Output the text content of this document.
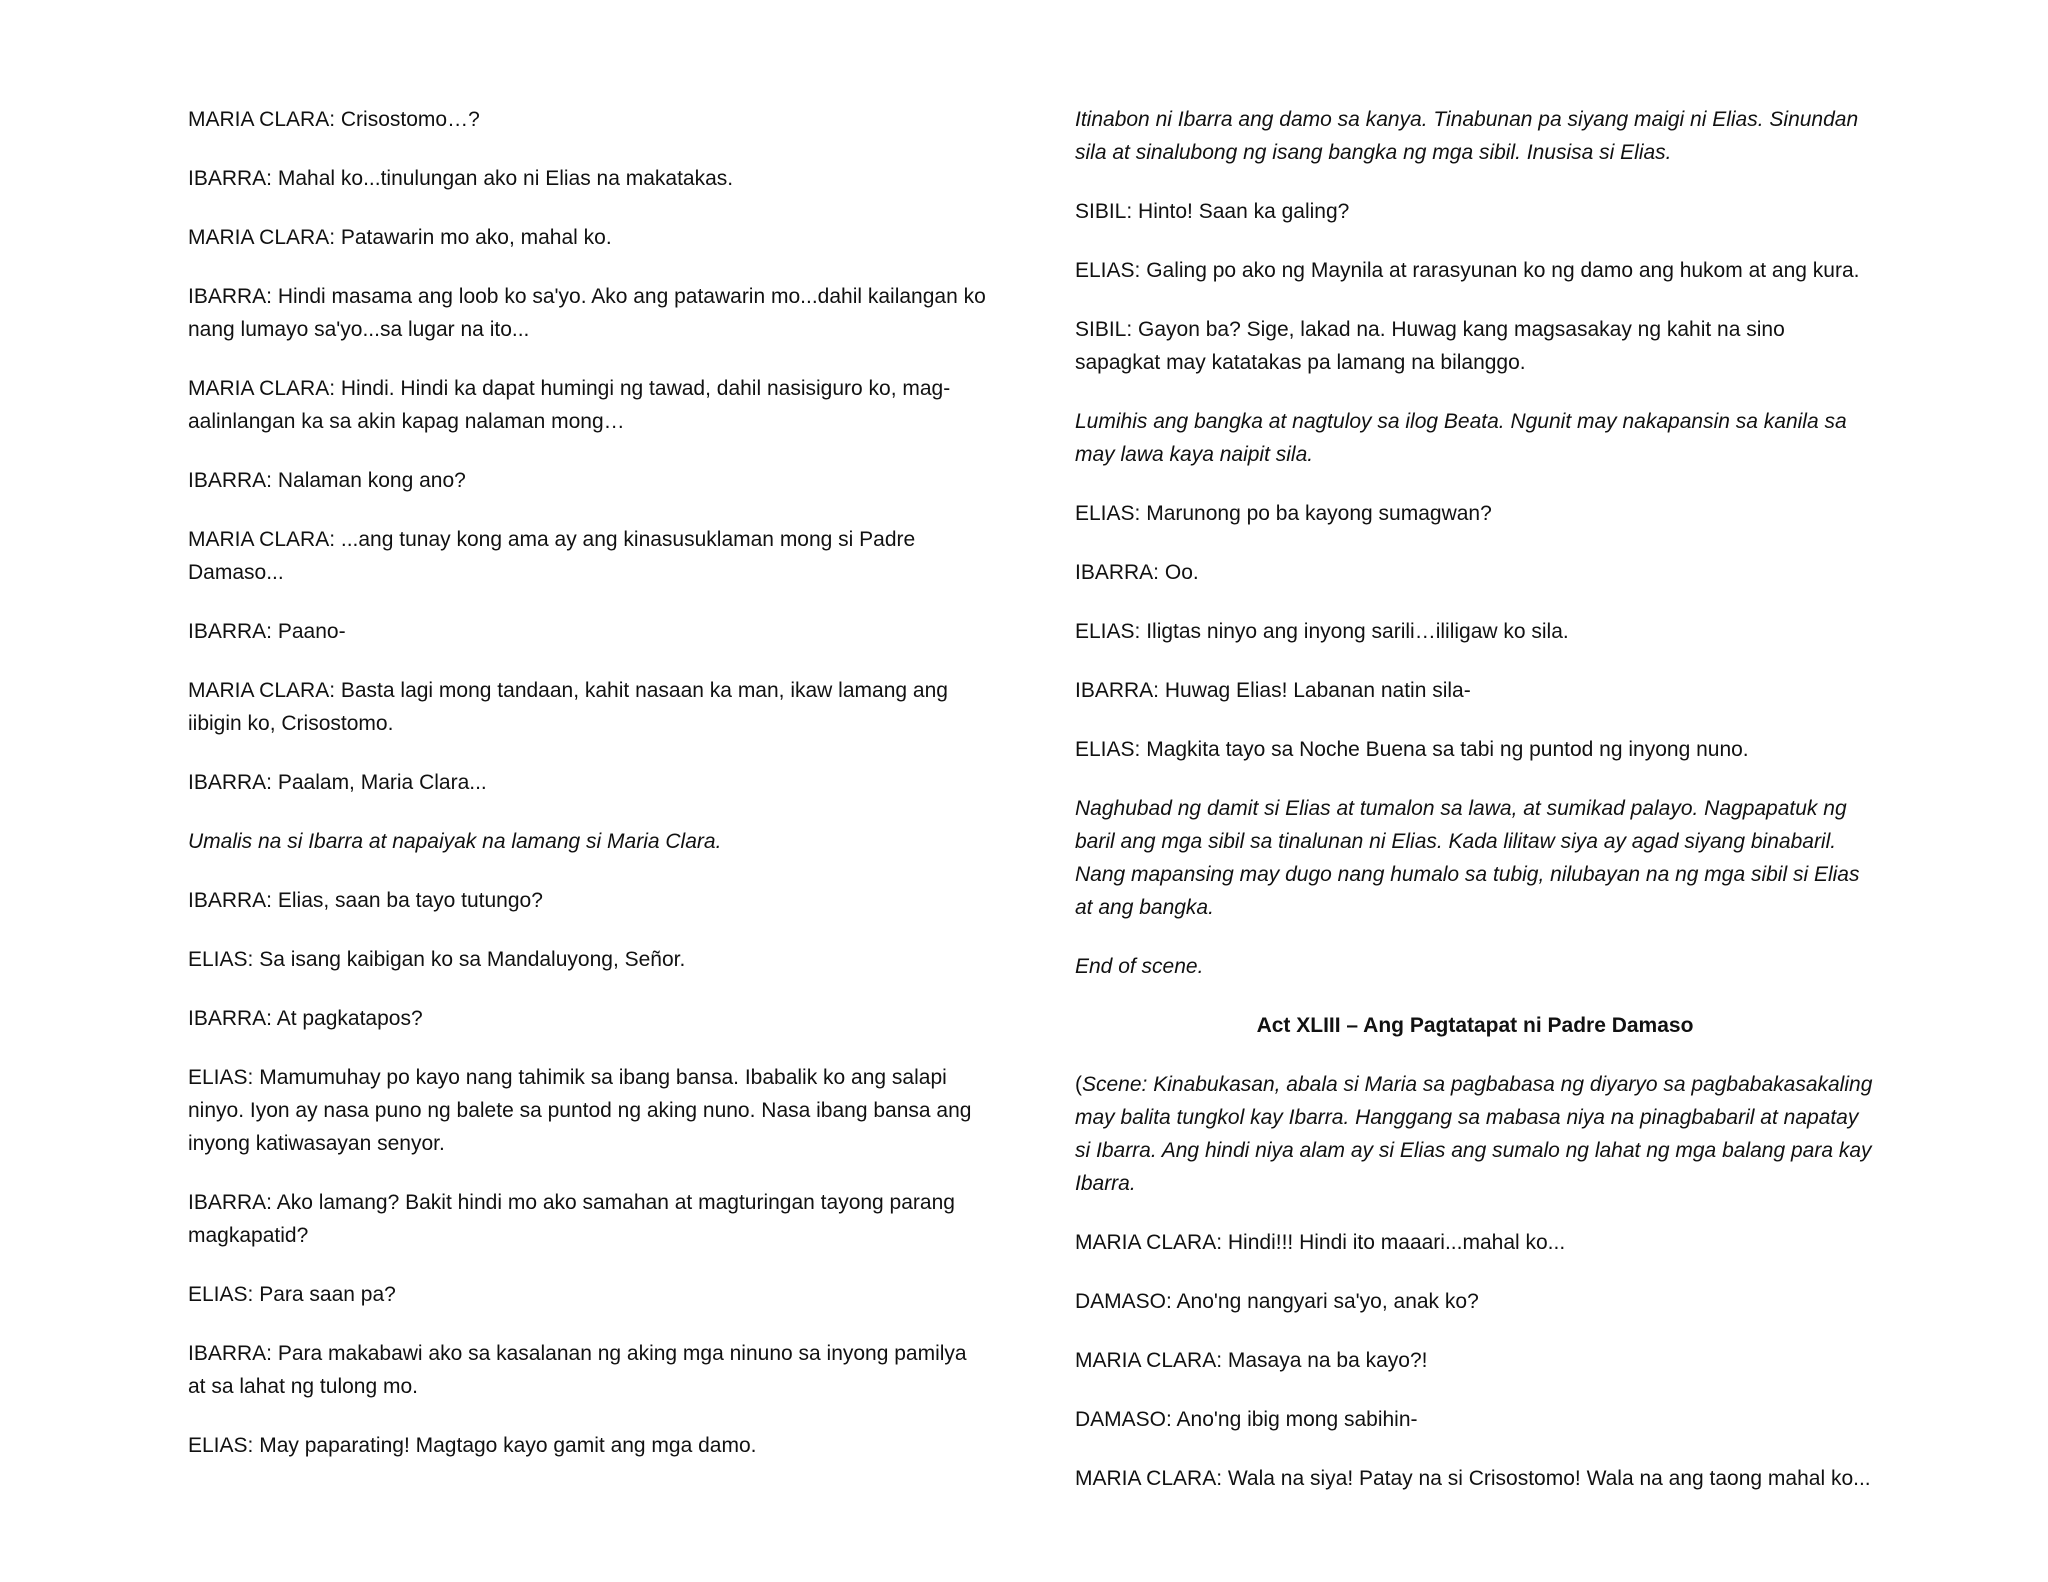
MARIA CLARA: Crisostomo…?
IBARRA: Mahal ko...tinulungan ako ni Elias na makatakas.
MARIA CLARA: Patawarin mo ako, mahal ko.
IBARRA: Hindi masama ang loob ko sa'yo. Ako ang patawarin mo...dahil kailangan ko nang lumayo sa'yo...sa lugar na ito...
MARIA CLARA: Hindi. Hindi ka dapat humingi ng tawad, dahil nasisiguro ko, mag-aalinlangan ka sa akin kapag nalaman mong…
IBARRA: Nalaman kong ano?
MARIA CLARA: ...ang tunay kong ama ay ang kinasusuklaman mong si Padre Damaso...
IBARRA: Paano-
MARIA CLARA: Basta lagi mong tandaan, kahit nasaan ka man, ikaw lamang ang iibigin ko, Crisostomo.
IBARRA: Paalam, Maria Clara...
Umalis na si Ibarra at napaiyak na lamang si Maria Clara.
IBARRA: Elias, saan ba tayo tutungo?
ELIAS: Sa isang kaibigan ko sa Mandaluyong, Señor.
IBARRA: At pagkatapos?
ELIAS: Mamumuhay po kayo nang tahimik sa ibang bansa. Ibabalik ko ang salapi ninyo. Iyon ay nasa puno ng balete sa puntod ng aking nuno. Nasa ibang bansa ang inyong katiwasayan senyor.
IBARRA: Ako lamang? Bakit hindi mo ako samahan at magturingan tayong parang magkapatid?
ELIAS: Para saan pa?
IBARRA: Para makabawi ako sa kasalanan ng aking mga ninuno sa inyong pamilya at sa lahat ng tulong mo.
ELIAS: May paparating! Magtago kayo gamit ang mga damo.
Itinabon ni Ibarra ang damo sa kanya. Tinabunan pa siyang maigi ni Elias. Sinundan sila at sinalubong ng isang bangka ng mga sibil. Inusisa si Elias.
SIBIL: Hinto! Saan ka galing?
ELIAS: Galing po ako ng Maynila at rarasyunan ko ng damo ang hukom at ang kura.
SIBIL: Gayon ba? Sige, lakad na. Huwag kang magsasakay ng kahit na sino sapagkat may katatakas pa lamang na bilanggo.
Lumihis ang bangka at nagtuloy sa ilog Beata. Ngunit may nakapansin sa kanila sa may lawa kaya naipit sila.
ELIAS: Marunong po ba kayong sumagwan?
IBARRA: Oo.
ELIAS: Iligtas ninyo ang inyong sarili…ililigaw ko sila.
IBARRA: Huwag Elias! Labanan natin sila-
ELIAS: Magkita tayo sa Noche Buena sa tabi ng puntod ng inyong nuno.
Naghubad ng damit si Elias at tumalon sa lawa, at sumikad palayo. Nagpapatuk ng baril ang mga sibil sa tinalunan ni Elias. Kada lilitaw siya ay agad siyang binabaril. Nang mapansing may dugo nang humalo sa tubig, nilubayan na ng mga sibil si Elias at ang bangka.
End of scene.
Act XLIII – Ang Pagtatapat ni Padre Damaso
(Scene: Kinabukasan, abala si Maria sa pagbabasa ng diyaryo sa pagbabakasakaling may balita tungkol kay Ibarra. Hanggang sa mabasa niya na pinagbabaril at napatay si Ibarra. Ang hindi niya alam ay si Elias ang sumalo ng lahat ng mga balang para kay Ibarra.
MARIA CLARA: Hindi!!! Hindi ito maaari...mahal ko...
DAMASO: Ano'ng nangyari sa'yo, anak ko?
MARIA CLARA: Masaya na ba kayo?!
DAMASO: Ano'ng ibig mong sabihin-
MARIA CLARA: Wala na siya! Patay na si Crisostomo! Wala na ang taong mahal ko...
